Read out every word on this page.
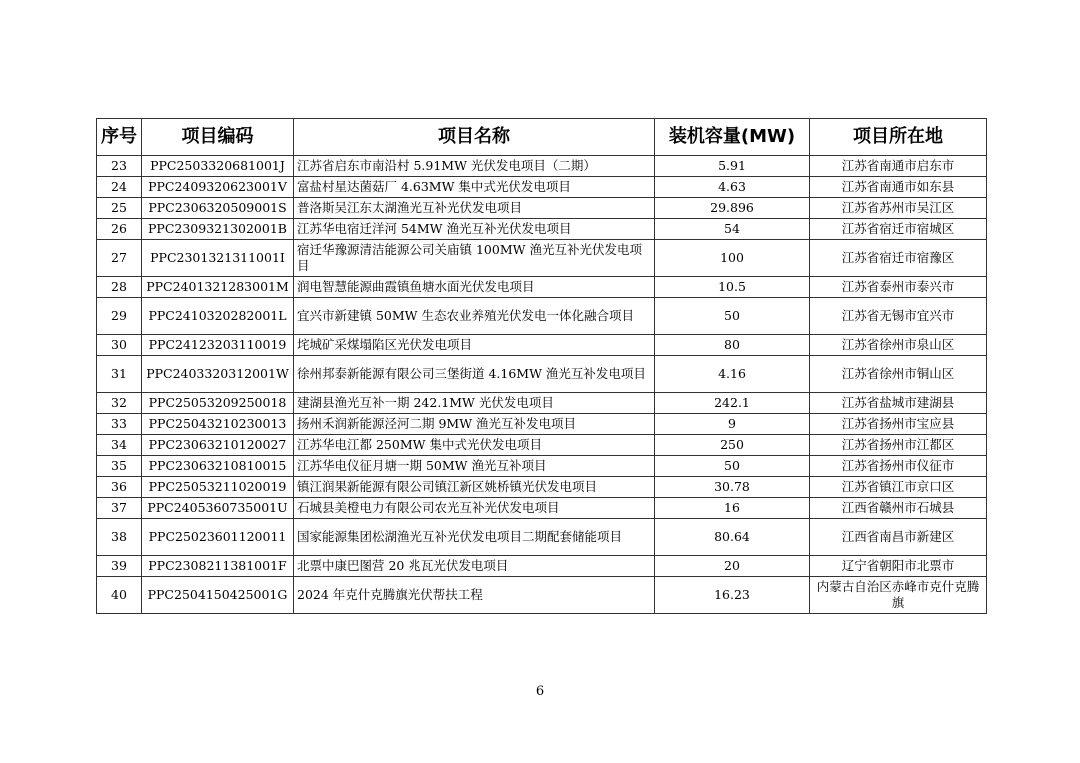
序号	项目编码	项目名称	装机容量(MW)	项目所在地
23	PPC2503320681001J	江苏省启东市南沿村 5.91MW 光伏发电项目（二期）	5.91	江苏省南通市启东市
24	PPC2409320623001V	富盐村星达菌菇厂 4.63MW 集中式光伏发电项目	4.63	江苏省南通市如东县
25	PPC2306320509001S	普洛斯吴江东太湖渔光互补光伏发电项目	29.896	江苏省苏州市吴江区
26	PPC2309321302001B	江苏华电宿迁洋河 54MW 渔光互补光伏发电项目	54	江苏省宿迁市宿城区
27	PPC2301321311001I	宿迁华豫源清洁能源公司关庙镇 100MW 渔光互补光伏发电项目	100	江苏省宿迁市宿豫区
28	PPC2401321283001M	润电智慧能源曲霞镇鱼塘水面光伏发电项目	10.5	江苏省泰州市泰兴市
29	PPC2410320282001L	宜兴市新建镇 50MW 生态农业养殖光伏发电一体化融合项目	50	江苏省无锡市宜兴市
30	PPC24123203110019	垞城矿采煤塌陷区光伏发电项目	80	江苏省徐州市泉山区
31	PPC2403320312001W	徐州邦泰新能源有限公司三堡街道 4.16MW 渔光互补发电项目	4.16	江苏省徐州市铜山区
32	PPC25053209250018	建湖县渔光互补一期 242.1MW 光伏发电项目	242.1	江苏省盐城市建湖县
33	PPC25043210230013	扬州禾润新能源泾河二期 9MW 渔光互补发电项目	9	江苏省扬州市宝应县
34	PPC23063210120027	江苏华电江都 250MW 集中式光伏发电项目	250	江苏省扬州市江都区
35	PPC23063210810015	江苏华电仪征月塘一期 50MW 渔光互补项目	50	江苏省扬州市仪征市
36	PPC25053211020019	镇江润果新能源有限公司镇江新区姚桥镇光伏发电项目	30.78	江苏省镇江市京口区
37	PPC2405360735001U	石城县美橙电力有限公司农光互补光伏发电项目	16	江西省赣州市石城县
38	PPC25023601120011	国家能源集团松湖渔光互补光伏发电项目二期配套储能项目	80.64	江西省南昌市新建区
39	PPC2308211381001F	北票中康巴图营 20 兆瓦光伏发电项目	20	辽宁省朝阳市北票市
40	PPC2504150425001G	2024 年克什克腾旗光伏帮扶工程	16.23	内蒙古自治区赤峰市克什克腾旗
6
